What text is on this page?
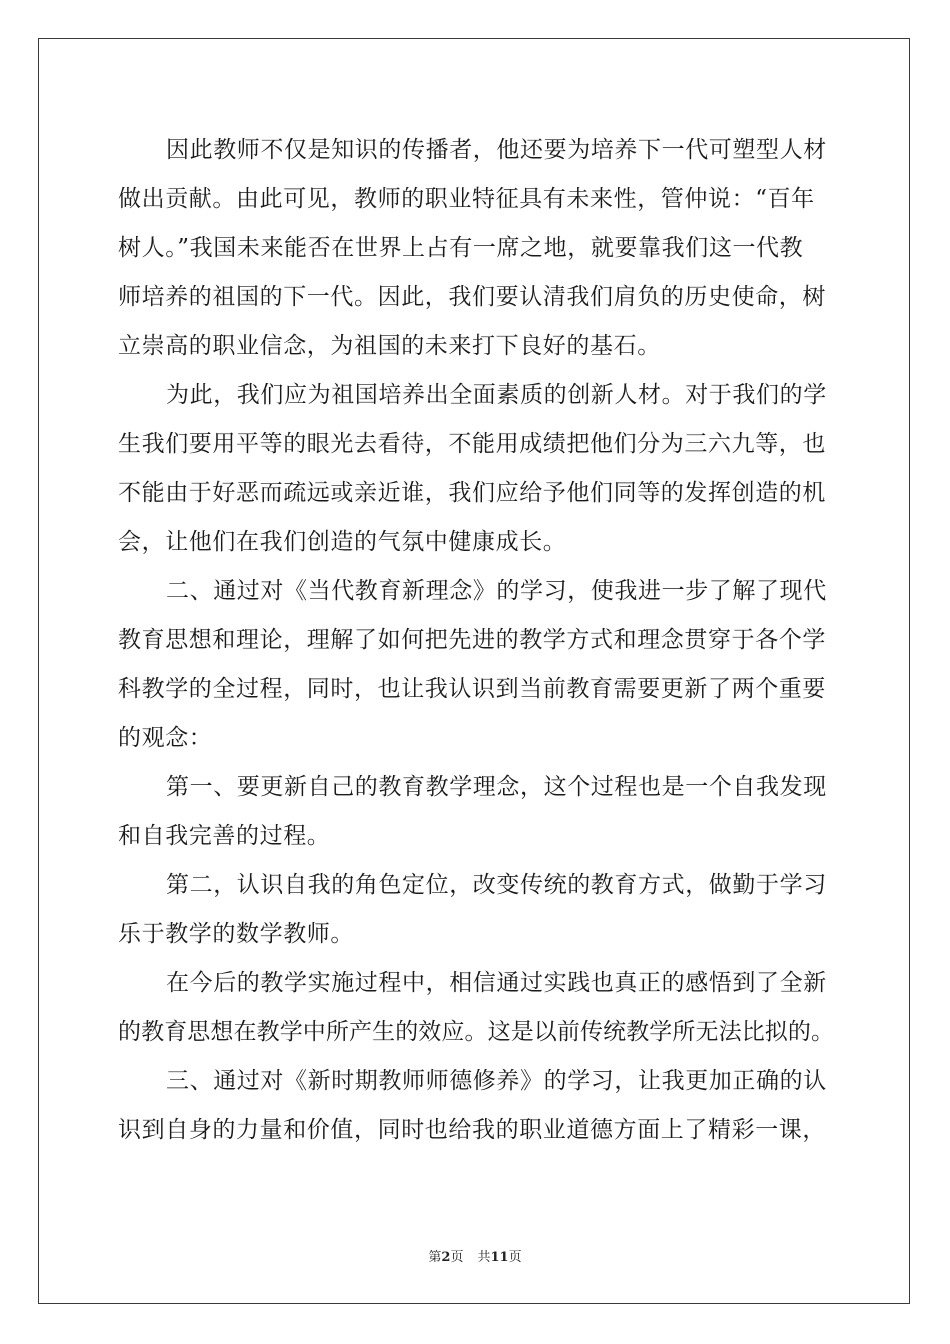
因此教师不仅是知识的传播者，他还要为培养下一代可塑型人材
做出贡献。由此可见，教师的职业特征具有未来性，管仲说：“百年
树人。”我国未来能否在世界上占有一席之地，就要靠我们这一代教
师培养的祖国的下一代。因此，我们要认清我们肩负的历史使命，树
立崇高的职业信念，为祖国的未来打下良好的基石。
为此，我们应为祖国培养出全面素质的创新人材。对于我们的学
生我们要用平等的眼光去看待，不能用成绩把他们分为三六九等，也
不能由于好恶而疏远或亲近谁，我们应给予他们同等的发挥创造的机
会，让他们在我们创造的气氛中健康成长。
二、通过对《当代教育新理念》的学习，使我进一步了解了现代
教育思想和理论，理解了如何把先进的教学方式和理念贯穿于各个学
科教学的全过程，同时，也让我认识到当前教育需要更新了两个重要
的观念：
第一、要更新自己的教育教学理念，这个过程也是一个自我发现
和自我完善的过程。
第二，认识自我的角色定位，改变传统的教育方式，做勤于学习
乐于教学的数学教师。
在今后的教学实施过程中，相信通过实践也真正的感悟到了全新
的教育思想在教学中所产生的效应。这是以前传统教学所无法比拟的。
三、通过对《新时期教师师德修养》的学习，让我更加正确的认
识到自身的力量和价值，同时也给我的职业道德方面上了精彩一课，
第2页 共11页
